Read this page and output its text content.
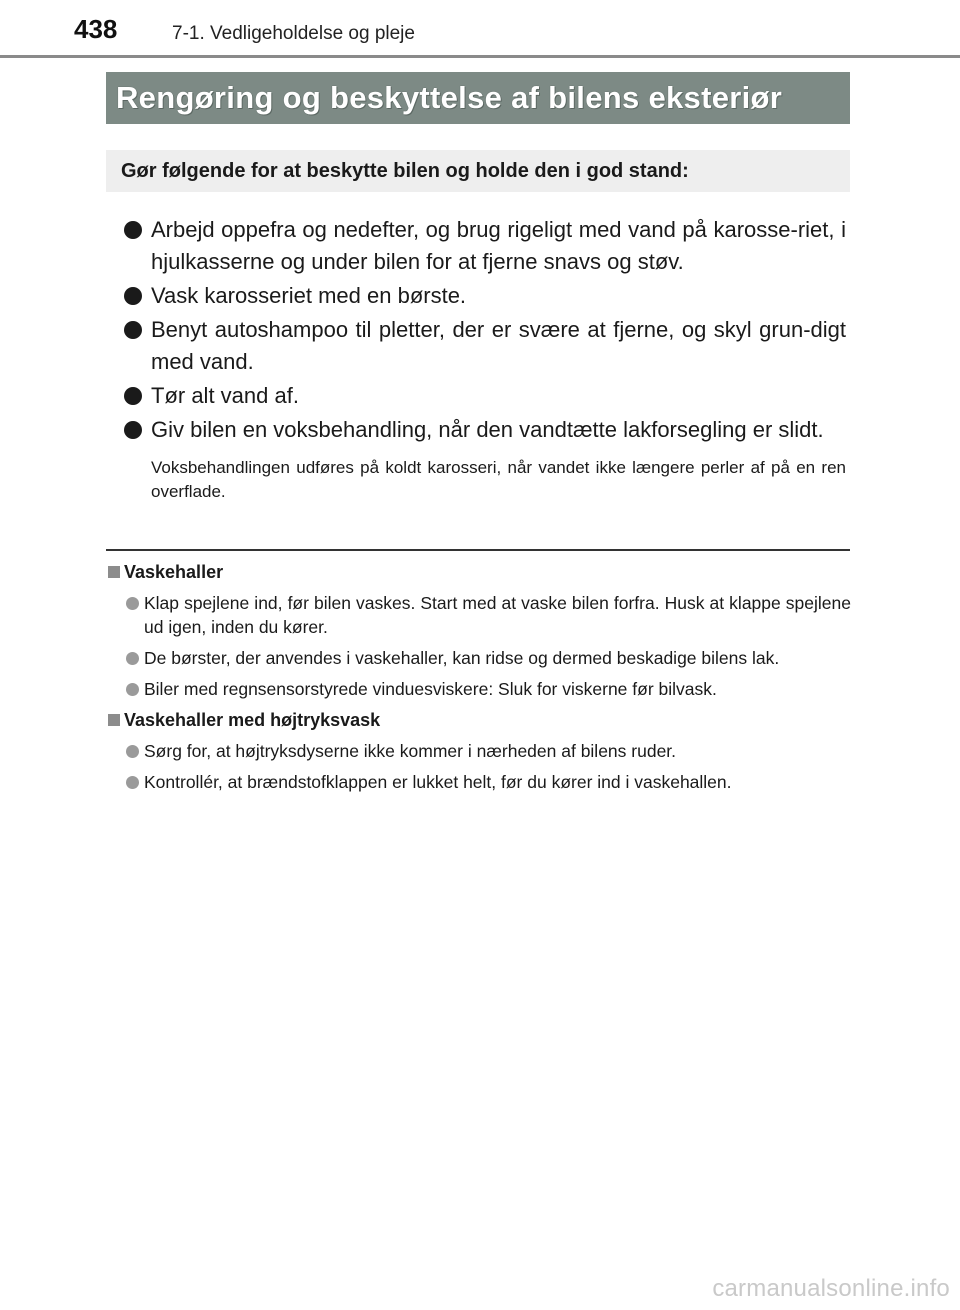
438	7-1. Vedligeholdelse og pleje
Rengøring og beskyttelse af bilens eksteriør
Gør følgende for at beskytte bilen og holde den i god stand:
Arbejd oppefra og nedefter, og brug rigeligt med vand på karosse-riet, i hjulkasserne og under bilen for at fjerne snavs og støv.
Vask karosseriet med en børste.
Benyt autoshampoo til pletter, der er svære at fjerne, og skyl grun-digt med vand.
Tør alt vand af.
Giv bilen en voksbehandling, når den vandtætte lakforsegling er slidt.
Voksbehandlingen udføres på koldt karosseri, når vandet ikke længere perler af på en ren overflade.
Vaskehaller
Klap spejlene ind, før bilen vaskes. Start med at vaske bilen forfra. Husk at klappe spejlene ud igen, inden du kører.
De børster, der anvendes i vaskehaller, kan ridse og dermed beskadige bilens lak.
Biler med regnsensorstyrede vinduesviskere: Sluk for viskerne før bilvask.
Vaskehaller med højtryksvask
Sørg for, at højtryksdyserne ikke kommer i nærheden af bilens ruder.
Kontrollér, at brændstofklappen er lukket helt, før du kører ind i vaskehallen.
carmanualsonline.info
